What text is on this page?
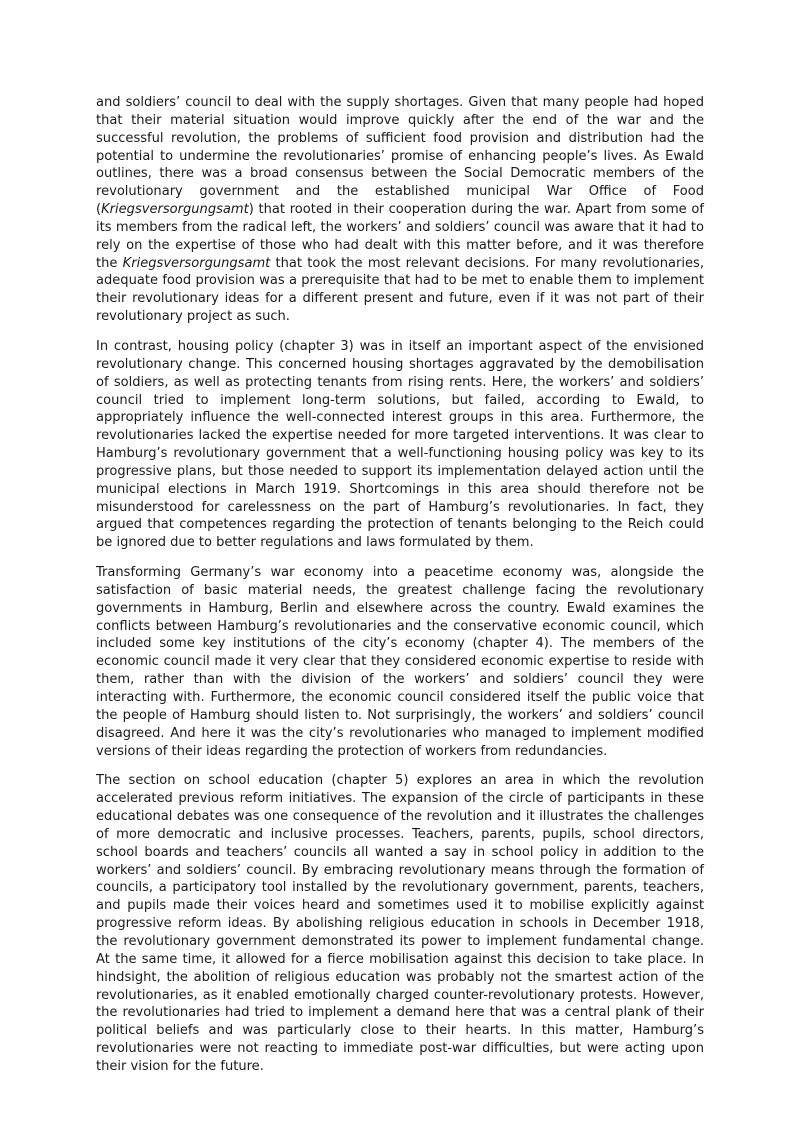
and soldiers’ council to deal with the supply shortages. Given that many people had hoped that their material situation would improve quickly after the end of the war and the successful revolution, the problems of sufficient food provision and distribution had the potential to undermine the revolutionaries’ promise of enhancing people’s lives. As Ewald outlines, there was a broad consensus between the Social Democratic members of the revolutionary government and the established municipal War Office of Food (Kriegsversorgungsamt) that rooted in their cooperation during the war. Apart from some of its members from the radical left, the workers’ and soldiers’ council was aware that it had to rely on the expertise of those who had dealt with this matter before, and it was therefore the Kriegsversorgungsamt that took the most relevant decisions. For many revolutionaries, adequate food provision was a prerequisite that had to be met to enable them to implement their revolutionary ideas for a different present and future, even if it was not part of their revolutionary project as such.

In contrast, housing policy (chapter 3) was in itself an important aspect of the envisioned revolutionary change. This concerned housing shortages aggravated by the demobilisation of soldiers, as well as protecting tenants from rising rents. Here, the workers’ and soldiers’ council tried to implement long-term solutions, but failed, according to Ewald, to appropriately influence the well-connected interest groups in this area. Furthermore, the revolutionaries lacked the expertise needed for more targeted interventions. It was clear to Hamburg’s revolutionary government that a well-functioning housing policy was key to its progressive plans, but those needed to support its implementation delayed action until the municipal elections in March 1919. Shortcomings in this area should therefore not be misunderstood for carelessness on the part of Hamburg’s revolutionaries. In fact, they argued that competences regarding the protection of tenants belonging to the Reich could be ignored due to better regulations and laws formulated by them.

Transforming Germany’s war economy into a peacetime economy was, alongside the satisfaction of basic material needs, the greatest challenge facing the revolutionary governments in Hamburg, Berlin and elsewhere across the country. Ewald examines the conflicts between Hamburg’s revolutionaries and the conservative economic council, which included some key institutions of the city’s economy (chapter 4). The members of the economic council made it very clear that they considered economic expertise to reside with them, rather than with the division of the workers’ and soldiers’ council they were interacting with. Furthermore, the economic council considered itself the public voice that the people of Hamburg should listen to. Not surprisingly, the workers’ and soldiers’ council disagreed. And here it was the city’s revolutionaries who managed to implement modified versions of their ideas regarding the protection of workers from redundancies.

The section on school education (chapter 5) explores an area in which the revolution accelerated previous reform initiatives. The expansion of the circle of participants in these educational debates was one consequence of the revolution and it illustrates the challenges of more democratic and inclusive processes. Teachers, parents, pupils, school directors, school boards and teachers’ councils all wanted a say in school policy in addition to the workers’ and soldiers’ council. By embracing revolutionary means through the formation of councils, a participatory tool installed by the revolutionary government, parents, teachers, and pupils made their voices heard and sometimes used it to mobilise explicitly against progressive reform ideas. By abolishing religious education in schools in December 1918, the revolutionary government demonstrated its power to implement fundamental change. At the same time, it allowed for a fierce mobilisation against this decision to take place. In hindsight, the abolition of religious education was probably not the smartest action of the revolutionaries, as it enabled emotionally charged counter-revolutionary protests. However, the revolutionaries had tried to implement a demand here that was a central plank of their political beliefs and was particularly close to their hearts. In this matter, Hamburg’s revolutionaries were not reacting to immediate post-war difficulties, but were acting upon their vision for the future.
